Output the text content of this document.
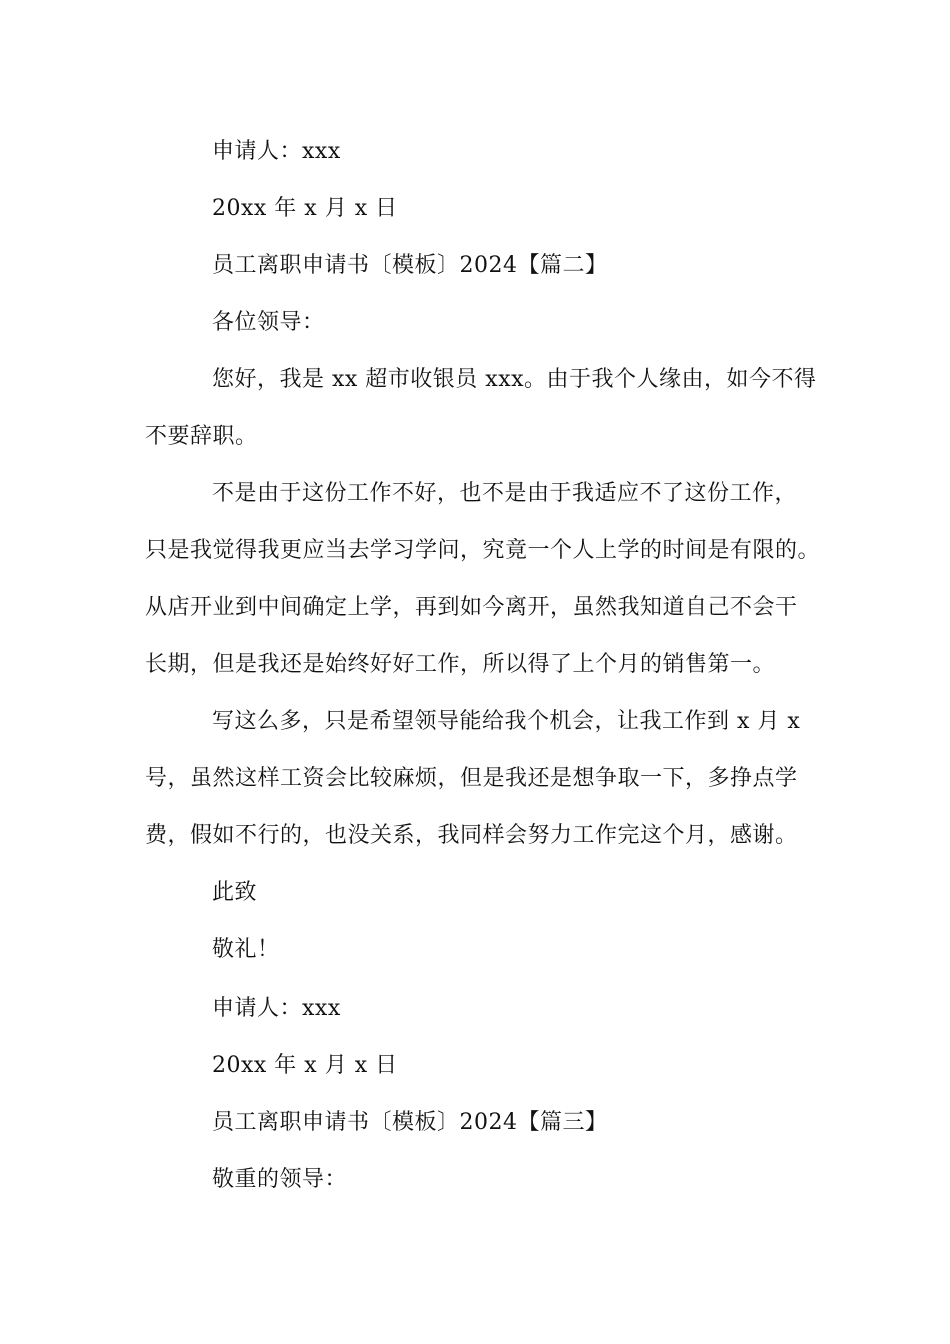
申请人：xxx
20xx 年 x 月 x 日
员工离职申请书〔模板〕2024【篇二】
各位领导：
您好，我是 xx 超市收银员 xxx。由于我个人缘由，如今不得
不要辞职。
不是由于这份工作不好，也不是由于我适应不了这份工作，
只是我觉得我更应当去学习学问，究竟一个人上学的时间是有限的。
从店开业到中间确定上学，再到如今离开，虽然我知道自己不会干
长期，但是我还是始终好好工作，所以得了上个月的销售第一。
写这么多，只是希望领导能给我个机会，让我工作到 x 月 x
号，虽然这样工资会比较麻烦，但是我还是想争取一下，多挣点学
费，假如不行的，也没关系，我同样会努力工作完这个月，感谢。
此致
敬礼！
申请人：xxx
20xx 年 x 月 x 日
员工离职申请书〔模板〕2024【篇三】
敬重的领导：
